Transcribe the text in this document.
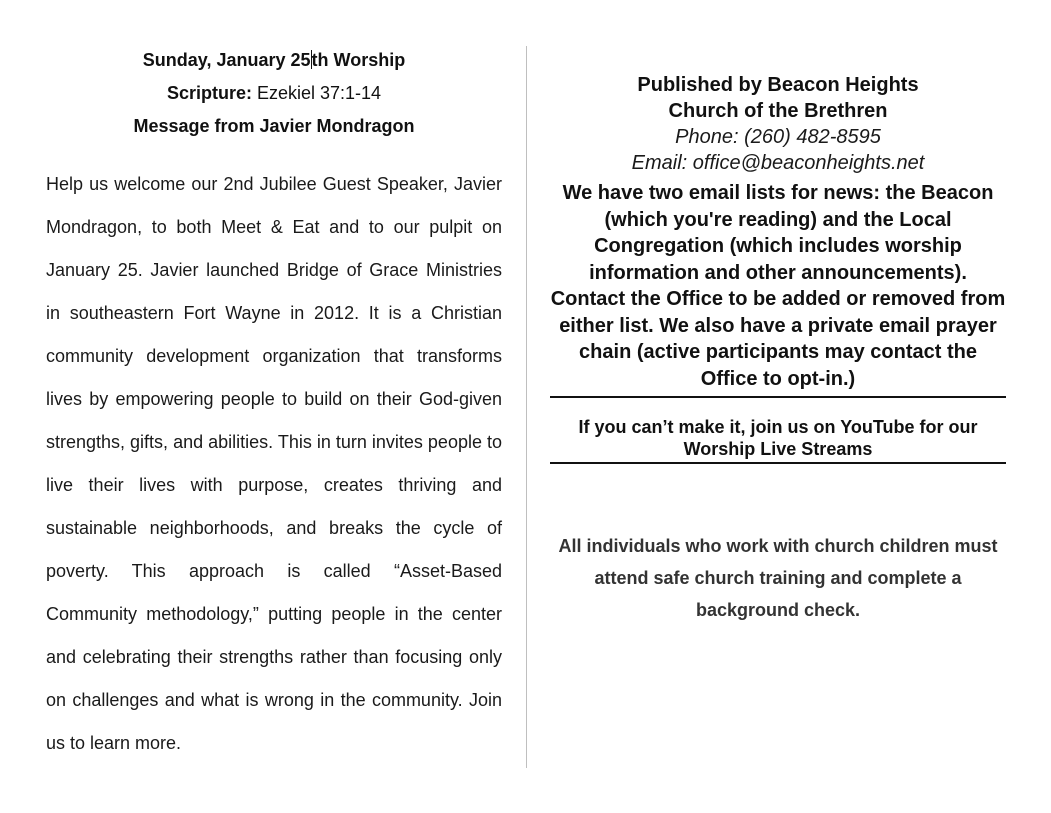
Sunday, January 25th Worship
Scripture: Ezekiel 37:1-14
Message from Javier Mondragon

Help us welcome our 2nd Jubilee Guest Speaker, Javier Mondragon, to both Meet & Eat and to our pulpit on January 25. Javier launched Bridge of Grace Ministries in southeastern Fort Wayne in 2012. It is a Christian community development organization that transforms lives by empowering people to build on their God-given strengths, gifts, and abilities. This in turn invites people to live their lives with purpose, creates thriving and sustainable neighborhoods, and breaks the cycle of poverty. This approach is called “Asset-Based Community methodology,” putting people in the center and celebrating their strengths rather than focusing only on challenges and what is wrong in the community. Join us to learn more.

Published by Beacon Heights
Church of the Brethren
Phone: (260) 482-8595
Email: office@beaconheights.net
We have two email lists for news: the Beacon (which you're reading) and the Local Congregation (which includes worship information and other announcements). Contact the Office to be added or removed from either list. We also have a private email prayer chain (active participants may contact the Office to opt-in.)
If you can’t make it, join us on YouTube for our Worship Live Streams
All individuals who work with church children must attend safe church training and complete a background check.
